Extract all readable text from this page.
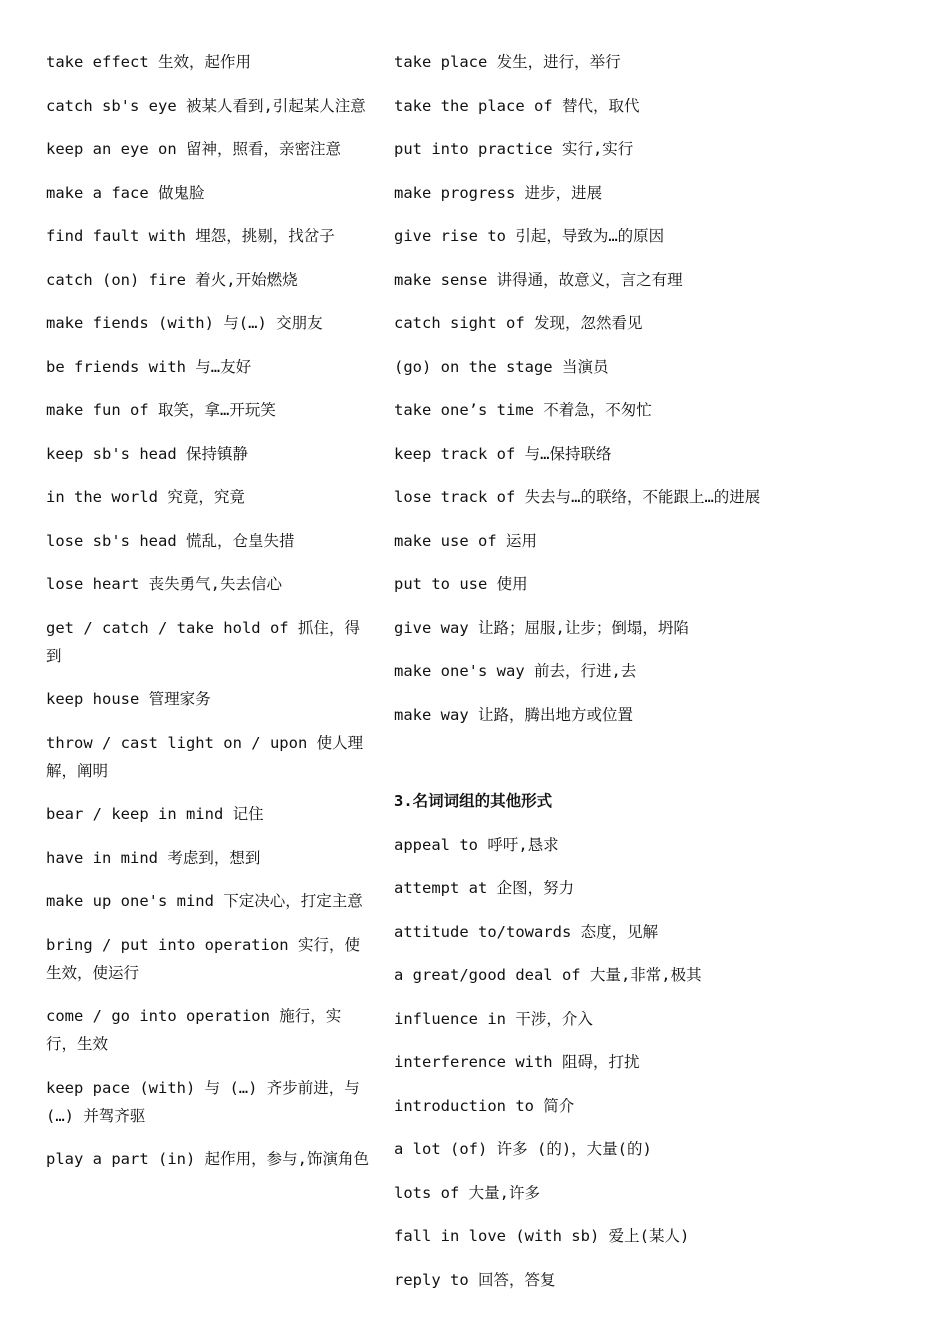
take effect 生效，起作用
catch sb's eye 被某人看到,引起某人注意
keep an eye on 留神，照看，亲密注意
make a face 做鬼脸
find fault with 埋怨，挑剔，找岔子
catch (on) fire 着火,开始燃烧
make fiends (with) 与(…) 交朋友
be friends with 与…友好
make fun of 取笑，拿…开玩笑
keep sb's head 保持镇静
in the world 究竟，究竟
lose sb's head 慌乱，仓皇失措
lose heart 丧失勇气,失去信心
get / catch / take hold of 抓住，得到
keep house 管理家务
throw / cast light on / upon 使人理解，阐明
bear / keep in mind 记住
have in mind 考虑到，想到
make up one's mind 下定决心，打定主意
bring / put into operation 实行，使生效，使运行
come / go into operation 施行，实行，生效
keep pace (with) 与 (…) 齐步前进，与(…) 并驾齐驱
play a part (in) 起作用，参与,饰演角色
take place 发生，进行，举行
take the place of 替代，取代
put into practice 实行,实行
make progress 进步，进展
give rise to 引起，导致为…的原因
make sense 讲得通，故意义，言之有理
catch sight of 发现，忽然看见
(go) on the stage 当演员
take one’s time 不着急，不匆忙
keep track of 与…保持联络
lose track of 失去与…的联络，不能跟上…的进展
make use of 运用
put to use 使用
give way 让路；屈服,让步；倒塌，坍陷
make one's way 前去，行进,去
make way 让路，腾出地方或位置
3.名词词组的其他形式
appeal to 呼吁,恳求
attempt at 企图，努力
attitude to/towards 态度，见解
a great/good deal of 大量,非常,极其
influence in 干涉，介入
interference with 阻碍，打扰
introduction to 简介
a lot (of) 许多 (的)，大量(的)
lots of 大量,许多
fall in love (with sb) 爱上(某人)
reply to 回答，答复
